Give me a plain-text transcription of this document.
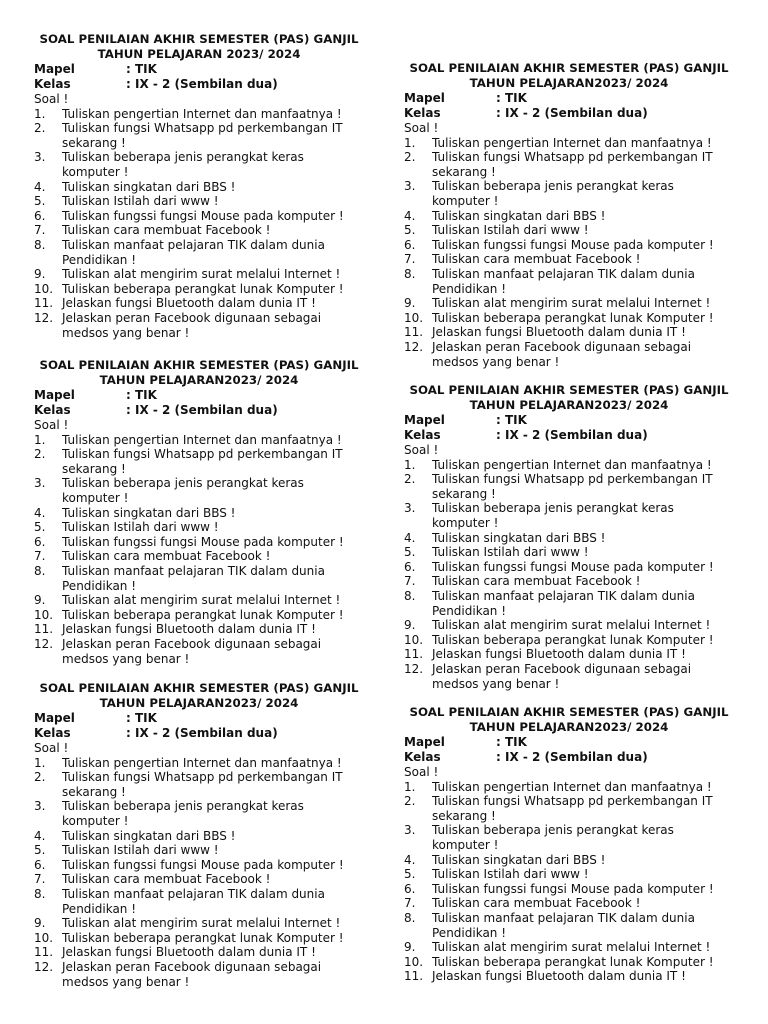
SOAL PENILAIAN AKHIR SEMESTER (PAS) GANJIL
TAHUN PELAJARAN 2023/ 2024
Mapel	: TIK
Kelas	: IX - 2 (Sembilan dua)
Soal !
1.	Tuliskan pengertian Internet dan manfaatnya !
2.	Tuliskan fungsi Whatsapp pd perkembangan IT sekarang !
3.	Tuliskan beberapa jenis perangkat keras komputer !
4.	Tuliskan singkatan dari BBS !
5.	Tuliskan Istilah dari www !
6.	Tuliskan fungssi fungsi Mouse pada komputer !
7.	Tuliskan cara membuat Facebook !
8.	Tuliskan manfaat pelajaran TIK dalam dunia Pendidikan !
9.	Tuliskan alat mengirim surat melalui Internet !
10. Tuliskan beberapa perangkat lunak Komputer !
11. Jelaskan fungsi Bluetooth dalam dunia IT !
12. Jelaskan peran Facebook digunaan sebagai medsos yang benar !
SOAL PENILAIAN AKHIR SEMESTER (PAS) GANJIL
TAHUN PELAJARAN2023/ 2024
Mapel	: TIK
Kelas	: IX - 2 (Sembilan dua)
Soal !
1.	Tuliskan pengertian Internet dan manfaatnya !
2.	Tuliskan fungsi Whatsapp pd perkembangan IT sekarang !
3.	Tuliskan beberapa jenis perangkat keras komputer !
4.	Tuliskan singkatan dari BBS !
5.	Tuliskan Istilah dari www !
6.	Tuliskan fungssi fungsi Mouse pada komputer !
7.	Tuliskan cara membuat Facebook !
8.	Tuliskan manfaat pelajaran TIK dalam dunia Pendidikan !
9.	Tuliskan alat mengirim surat melalui Internet !
10. Tuliskan beberapa perangkat lunak Komputer !
11. Jelaskan fungsi Bluetooth dalam dunia IT !
12. Jelaskan peran Facebook digunaan sebagai medsos yang benar !
SOAL PENILAIAN AKHIR SEMESTER (PAS) GANJIL
TAHUN PELAJARAN2023/ 2024
Mapel	: TIK
Kelas	: IX - 2 (Sembilan dua)
Soal !
1.	Tuliskan pengertian Internet dan manfaatnya !
2.	Tuliskan fungsi Whatsapp pd perkembangan IT sekarang !
3.	Tuliskan beberapa jenis perangkat keras komputer !
4.	Tuliskan singkatan dari BBS !
5.	Tuliskan Istilah dari www !
6.	Tuliskan fungssi fungsi Mouse pada komputer !
7.	Tuliskan cara membuat Facebook !
8.	Tuliskan manfaat pelajaran TIK dalam dunia Pendidikan !
9.	Tuliskan alat mengirim surat melalui Internet !
10. Tuliskan beberapa perangkat lunak Komputer !
11. Jelaskan fungsi Bluetooth dalam dunia IT !
12. Jelaskan peran Facebook digunaan sebagai medsos yang benar !
SOAL PENILAIAN AKHIR SEMESTER (PAS) GANJIL
TAHUN PELAJARAN2023/ 2024
Mapel	: TIK
Kelas	: IX - 2 (Sembilan dua)
Soal !
1.	Tuliskan pengertian Internet dan manfaatnya !
2.	Tuliskan fungsi Whatsapp pd perkembangan IT sekarang !
3.	Tuliskan beberapa jenis perangkat keras komputer !
4.	Tuliskan singkatan dari BBS !
5.	Tuliskan Istilah dari www !
6.	Tuliskan fungssi fungsi Mouse pada komputer !
7.	Tuliskan cara membuat Facebook !
8.	Tuliskan manfaat pelajaran TIK dalam dunia Pendidikan !
9.	Tuliskan alat mengirim surat melalui Internet !
10. Tuliskan beberapa perangkat lunak Komputer !
11. Jelaskan fungsi Bluetooth dalam dunia IT !
12. Jelaskan peran Facebook digunaan sebagai medsos yang benar !
SOAL PENILAIAN AKHIR SEMESTER (PAS) GANJIL
TAHUN PELAJARAN2023/ 2024
Mapel	: TIK
Kelas	: IX - 2 (Sembilan dua)
Soal !
1.	Tuliskan pengertian Internet dan manfaatnya !
2.	Tuliskan fungsi Whatsapp pd perkembangan IT sekarang !
3.	Tuliskan beberapa jenis perangkat keras komputer !
4.	Tuliskan singkatan dari BBS !
5.	Tuliskan Istilah dari www !
6.	Tuliskan fungssi fungsi Mouse pada komputer !
7.	Tuliskan cara membuat Facebook !
8.	Tuliskan manfaat pelajaran TIK dalam dunia Pendidikan !
9.	Tuliskan alat mengirim surat melalui Internet !
10. Tuliskan beberapa perangkat lunak Komputer !
11. Jelaskan fungsi Bluetooth dalam dunia IT !
12. Jelaskan peran Facebook digunaan sebagai medsos yang benar !
SOAL PENILAIAN AKHIR SEMESTER (PAS) GANJIL
TAHUN PELAJARAN2023/ 2024
Mapel	: TIK
Kelas	: IX - 2 (Sembilan dua)
Soal !
1.	Tuliskan pengertian Internet dan manfaatnya !
2.	Tuliskan fungsi Whatsapp pd perkembangan IT sekarang !
3.	Tuliskan beberapa jenis perangkat keras komputer !
4.	Tuliskan singkatan dari BBS !
5.	Tuliskan Istilah dari www !
6.	Tuliskan fungssi fungsi Mouse pada komputer !
7.	Tuliskan cara membuat Facebook !
8.	Tuliskan manfaat pelajaran TIK dalam dunia Pendidikan !
9.	Tuliskan alat mengirim surat melalui Internet !
10. Tuliskan beberapa perangkat lunak Komputer !
11. Jelaskan fungsi Bluetooth dalam dunia IT !
